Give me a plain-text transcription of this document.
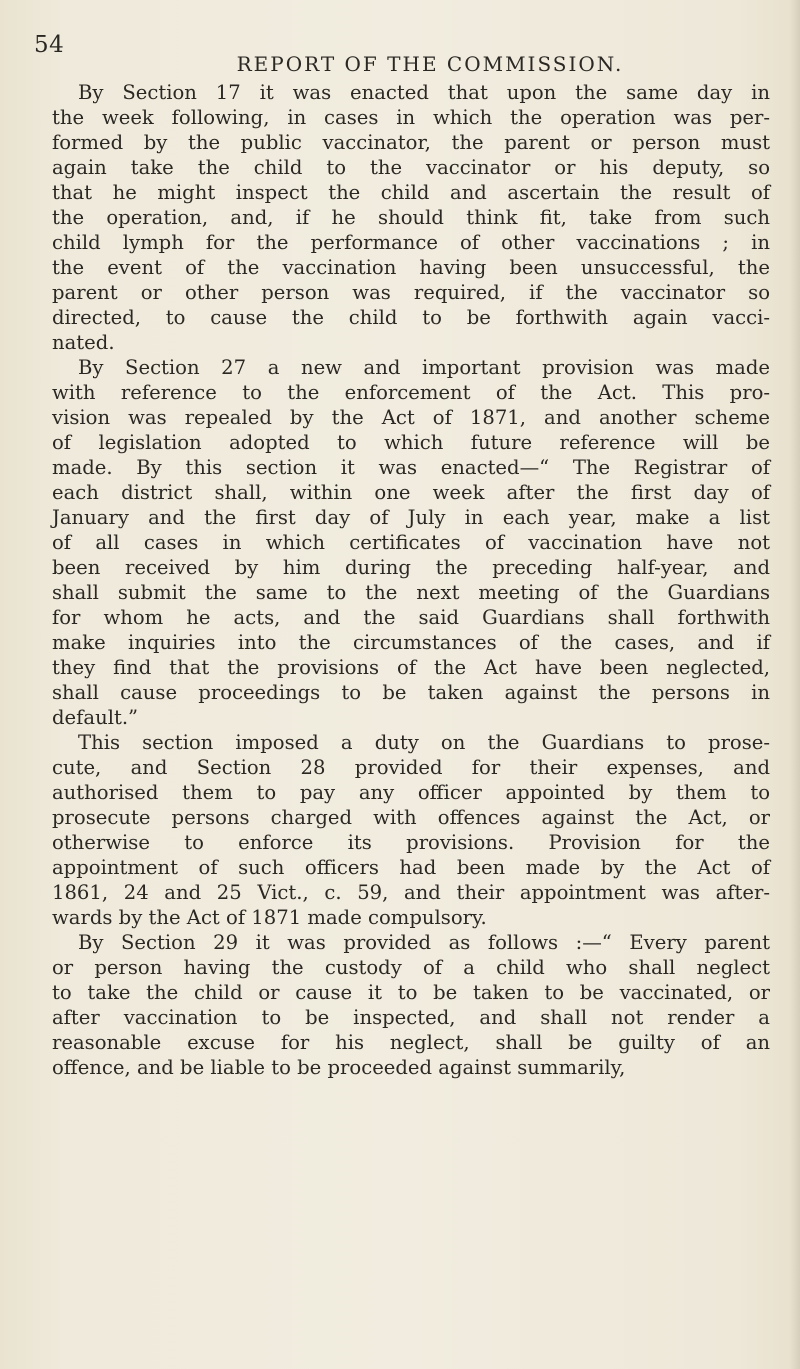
54
REPORT OF THE COMMISSION.
By Section 17 it was enacted that upon the same day in
the week following, in cases in which the operation was per-
formed by the public vaccinator, the parent or person must
again take the child to the vaccinator or his deputy, so
that he might inspect the child and ascertain the result of
the operation, and, if he should think fit, take from such
child lymph for the performance of other vaccinations ; in
the event of the vaccination having been unsuccessful, the
parent or other person was required, if the vaccinator so
directed, to cause the child to be forthwith again vacci-
nated.
By Section 27 a new and important provision was made
with reference to the enforcement of the Act. This pro-
vision was repealed by the Act of 1871, and another scheme
of legislation adopted to which future reference will be
made. By this section it was enacted—“ The Registrar of
each district shall, within one week after the first day of
January and the first day of July in each year, make a list
of all cases in which certificates of vaccination have not
been received by him during the preceding half-year, and
shall submit the same to the next meeting of the Guardians
for whom he acts, and the said Guardians shall forthwith
make inquiries into the circumstances of the cases, and if
they find that the provisions of the Act have been neglected,
shall cause proceedings to be taken against the persons in
default.”
This section imposed a duty on the Guardians to prose-
cute, and Section 28 provided for their expenses, and
authorised them to pay any officer appointed by them to
prosecute persons charged with offences against the Act, or
otherwise to enforce its provisions. Provision for the
appointment of such officers had been made by the Act of
1861, 24 and 25 Vict., c. 59, and their appointment was after-
wards by the Act of 1871 made compulsory.
By Section 29 it was provided as follows :—“ Every parent
or person having the custody of a child who shall neglect
to take the child or cause it to be taken to be vaccinated, or
after vaccination to be inspected, and shall not render a
reasonable excuse for his neglect, shall be guilty of an
offence, and be liable to be proceeded against summarily,
